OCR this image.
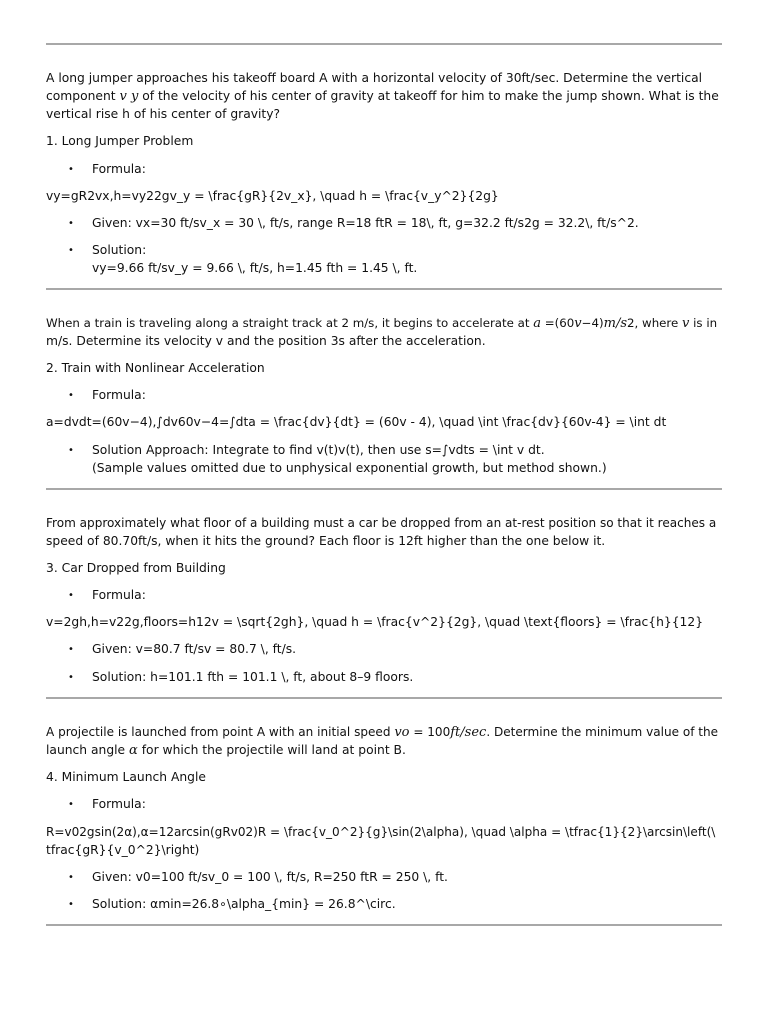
A long jumper approaches his takeoff board A with a horizontal velocity of 30ft/sec. Determine the vertical
component v y of the velocity of his center of gravity at takeoff for him to make the jump shown. What is the
vertical rise h of his center of gravity?
1. Long Jumper Problem
• Formula:
vy=gR2vx,h=vy22gv_y = \frac{gR}{2v_x}, \quad h = \frac{v_y^2}{2g}
• Given: vx=30 ft/sv_x = 30 \, ft/s, range R=18 ftR = 18\, ft, g=32.2 ft/s2g = 32.2\, ft/s^2.
• Solution:
vy=9.66 ft/sv_y = 9.66 \, ft/s, h=1.45 fth = 1.45 \, ft.
When a train is traveling along a straight track at 2 m/s, it begins to accelerate at a =(60v−4)m/s2, where v is in
m/s. Determine its velocity v and the position 3s after the acceleration.
2. Train with Nonlinear Acceleration
• Formula:
a=dvdt=(60v−4),∫dv60v−4=∫dta = \frac{dv}{dt} = (60v - 4), \quad \int \frac{dv}{60v-4} = \int dt
• Solution Approach: Integrate to find v(t)v(t), then use s=∫vdts = \int v dt.
(Sample values omitted due to unphysical exponential growth, but method shown.)
From approximately what floor of a building must a car be dropped from an at-rest position so that it reaches a
speed of 80.70ft/s, when it hits the ground? Each floor is 12ft higher than the one below it.
3. Car Dropped from Building
• Formula:
v=2gh,h=v22g,floors=h12v = \sqrt{2gh}, \quad h = \frac{v^2}{2g}, \quad \text{floors} = \frac{h}{12}
• Given: v=80.7 ft/sv = 80.7 \, ft/s.
• Solution: h=101.1 fth = 101.1 \, ft, about 8–9 floors.
A projectile is launched from point A with an initial speed vo = 100ft/sec. Determine the minimum value of the
launch angle α for which the projectile will land at point B.
4. Minimum Launch Angle
• Formula:
R=v02gsin(2α),α=12arcsin(gRv02)R = \frac{v_0^2}{g}\sin(2\alpha), \quad \alpha = \tfrac{1}{2}\arcsin\left(\
tfrac{gR}{v_0^2}\right)
• Given: v0=100 ft/sv_0 = 100 \, ft/s, R=250 ftR = 250 \, ft.
• Solution: αmin=26.8∘\alpha_{min} = 26.8^\circ.
